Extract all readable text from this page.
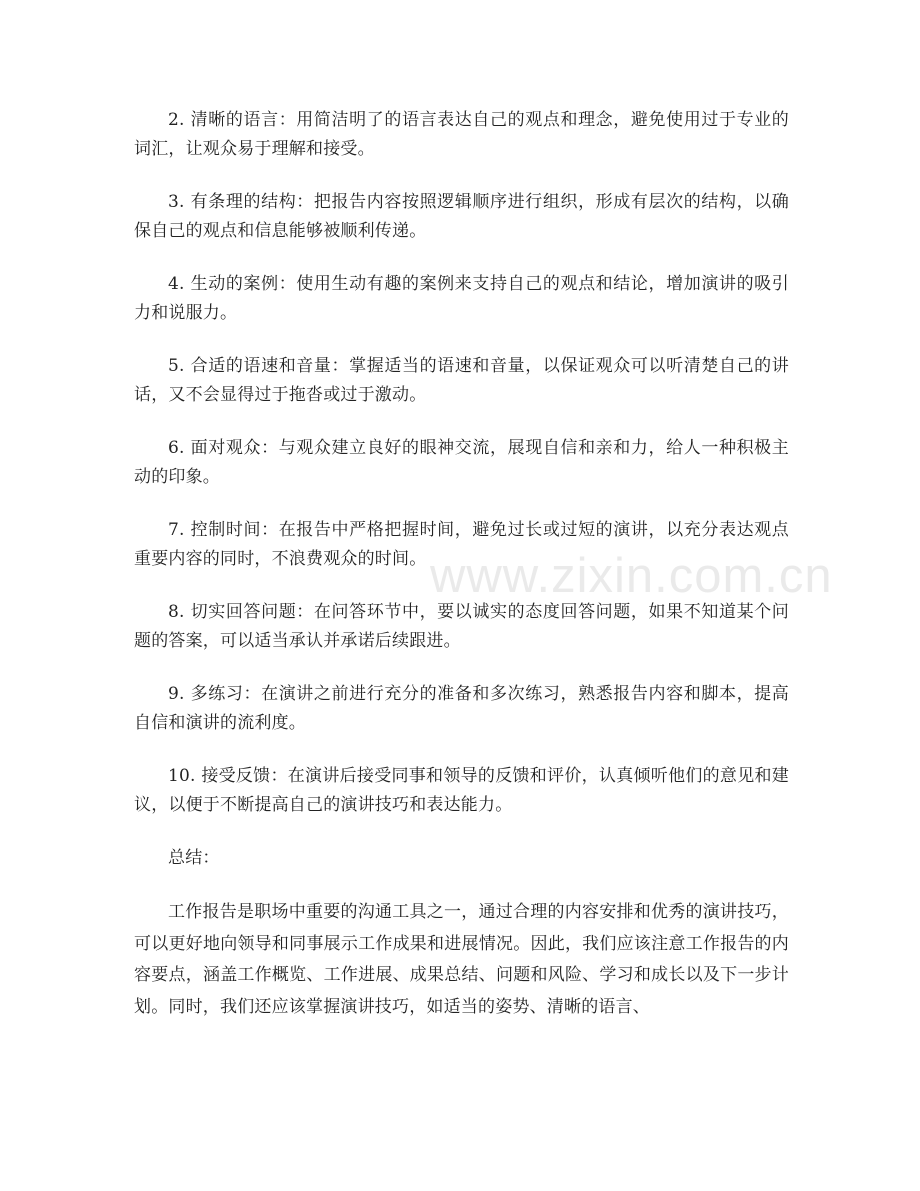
2. 清晰的语言：用简洁明了的语言表达自己的观点和理念，避免使用过于专业的词汇，让观众易于理解和接受。

3. 有条理的结构：把报告内容按照逻辑顺序进行组织，形成有层次的结构，以确保自己的观点和信息能够被顺利传递。

4. 生动的案例：使用生动有趣的案例来支持自己的观点和结论，增加演讲的吸引力和说服力。

5. 合适的语速和音量：掌握适当的语速和音量，以保证观众可以听清楚自己的讲话，又不会显得过于拖沓或过于激动。

6. 面对观众：与观众建立良好的眼神交流，展现自信和亲和力，给人一种积极主动的印象。

7. 控制时间：在报告中严格把握时间，避免过长或过短的演讲，以充分表达观点重要内容的同时，不浪费观众的时间。

8. 切实回答问题：在问答环节中，要以诚实的态度回答问题，如果不知道某个问题的答案，可以适当承认并承诺后续跟进。

9. 多练习：在演讲之前进行充分的准备和多次练习，熟悉报告内容和脚本，提高自信和演讲的流利度。

10. 接受反馈：在演讲后接受同事和领导的反馈和评价，认真倾听他们的意见和建议，以便于不断提高自己的演讲技巧和表达能力。

总结：

工作报告是职场中重要的沟通工具之一，通过合理的内容安排和优秀的演讲技巧，可以更好地向领导和同事展示工作成果和进展情况。因此，我们应该注意工作报告的内容要点，涵盖工作概览、工作进展、成果总结、问题和风险、学习和成长以及下一步计划。同时，我们还应该掌握演讲技巧，如适当的姿势、清晰的语言、

www.zixin.com.cn
